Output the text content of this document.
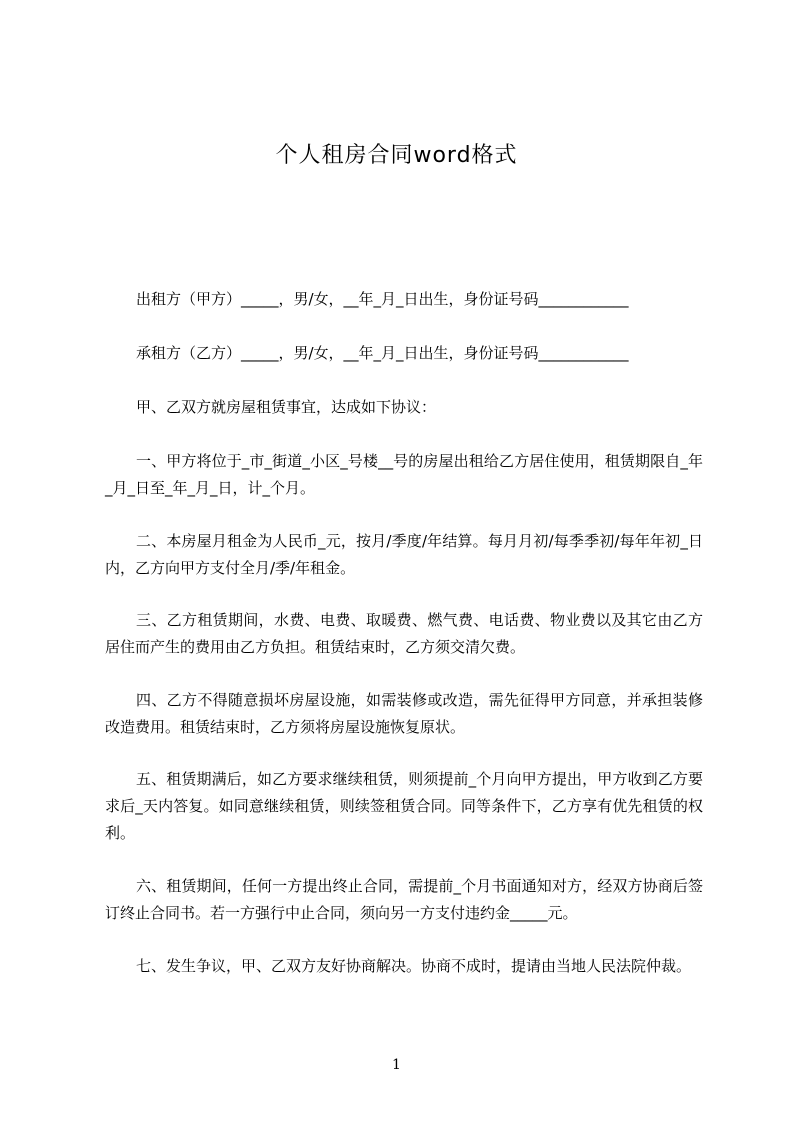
个人租房合同word格式

出租方（甲方）_____，男/女，__年_月_日出生，身份证号码____________

承租方（乙方）_____，男/女，__年_月_日出生，身份证号码____________

甲、乙双方就房屋租赁事宜，达成如下协议：

一、甲方将位于_市_街道_小区_号楼__号的房屋出租给乙方居住使用，租赁期限自_年_月_日至_年_月_日，计_个月。

二、本房屋月租金为人民币_元，按月/季度/年结算。每月月初/每季季初/每年年初_日内，乙方向甲方支付全月/季/年租金。

三、乙方租赁期间，水费、电费、取暖费、燃气费、电话费、物业费以及其它由乙方居住而产生的费用由乙方负担。租赁结束时，乙方须交清欠费。

四、乙方不得随意损坏房屋设施，如需装修或改造，需先征得甲方同意，并承担装修改造费用。租赁结束时，乙方须将房屋设施恢复原状。

五、租赁期满后，如乙方要求继续租赁，则须提前_个月向甲方提出，甲方收到乙方要求后_天内答复。如同意继续租赁，则续签租赁合同。同等条件下，乙方享有优先租赁的权利。

六、租赁期间，任何一方提出终止合同，需提前_个月书面通知对方，经双方协商后签订终止合同书。若一方强行中止合同，须向另一方支付违约金_____元。

七、发生争议，甲、乙双方友好协商解决。协商不成时，提请由当地人民法院仲裁。

1
